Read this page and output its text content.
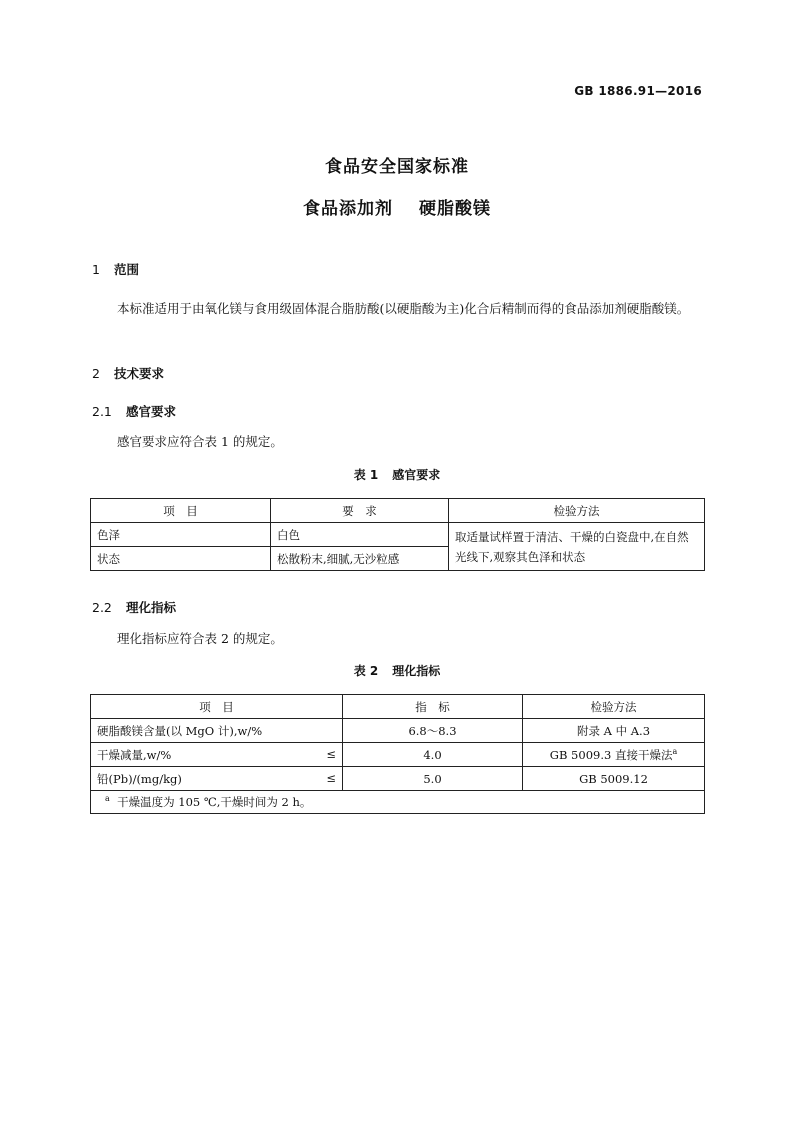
GB 1886.91—2016
食品安全国家标准
食品添加剂 硬脂酸镁
1 范围
本标准适用于由氧化镁与食用级固体混合脂肪酸(以硬脂酸为主)化合后精制而得的食品添加剂硬脂酸镁。
2 技术要求
2.1 感官要求
感官要求应符合表 1 的规定。
表 1 感官要求
项　目	要　求	检验方法
色泽	白色	取适量试样置于清洁、干燥的白瓷盘中,在自然光线下,观察其色泽和状态
状态	松散粉末,细腻,无沙粒感	
2.2 理化指标
理化指标应符合表 2 的规定。
表 2 理化指标
项　目	指　标	检验方法
硬脂酸镁含量(以 MgO 计),w/%	6.8～8.3	附录 A 中 A.3
干燥减量,w/% ≤	4.0	GB 5009.3 直接干燥法$^a$
铅(Pb)/(mg/kg) ≤	5.0	GB 5009.12
$^a$ 干燥温度为 105 ℃,干燥时间为 2 h。		
